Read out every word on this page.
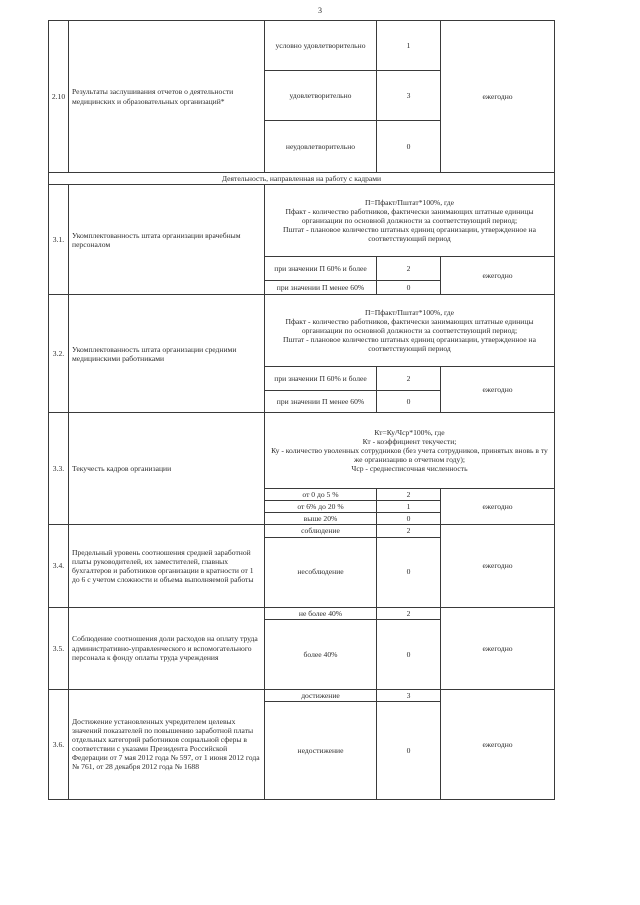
3
2.10	Результаты заслушивания отчетов о деятельности медицинских и образовательных организаций*	условно удовлетворительно	1	ежегодно
		удовлетворительно	3	
		неудовлетворительно	0	
Деятельность, направленная на работу с кадрами				
3.1.	Укомплектованность штата организации врачебным персоналом	П=Пфакт/Пштат*100%, где
Пфакт - количество работников, фактически занимающих штатные единицы организации по основной должности за соответствующий период;
Пштат - плановое количество штатных единиц организации, утвержденное на соответствующий период		

		при значении П 60% и более	2	ежегодно
		при значении П менее 60%	0	
3.2.	Укомплектованность штата организации средними медицинскими работниками	П=Пфакт/Пштат*100%, где
Пфакт - количество работников, фактически занимающих штатные единицы организации по основной должности за соответствующий период;
Пштат - плановое количество штатных единиц организации, утвержденное на соответствующий период		

		при значении П 60% и более	2	ежегодно
		при значении П менее 60%	0	
3.3.	Текучесть кадров организации	Кт=Ку/Чср*100%, где
Кт - коэффициент текучести;
Ку - количество уволенных сотрудников (без учета сотрудников, принятых вновь в ту же организацию в отчетном году);
Чср - среднесписочная численность		

		от 0 до 5 %	2	ежегодно
		от 6% до 20 %	1	
		выше 20%	0	
3.4.	Предельный уровень соотношения средней заработной платы руководителей, их заместителей, главных бухгалтеров и работников организации в кратности от 1 до 6 с учетом сложности и объема выполняемой работы	соблюдение	2	ежегодно
		несоблюдение	0	
3.5.	Соблюдение соотношения доли расходов на оплату труда административно-управленческого и вспомогательного персонала к фонду оплаты труда учреждения	не более 40%	2	ежегодно
		более 40%	0	
3.6.	Достижение установленных учредителем целевых значений показателей по повышению заработной платы отдельных категорий работников социальной сферы в соответствии с указами Президента Российской Федерации от 7 мая 2012 года № 597, от 1 июня 2012 года № 761, от 28 декабря 2012 года № 1688	достижение	3	ежегодно
		недостижение	0	
